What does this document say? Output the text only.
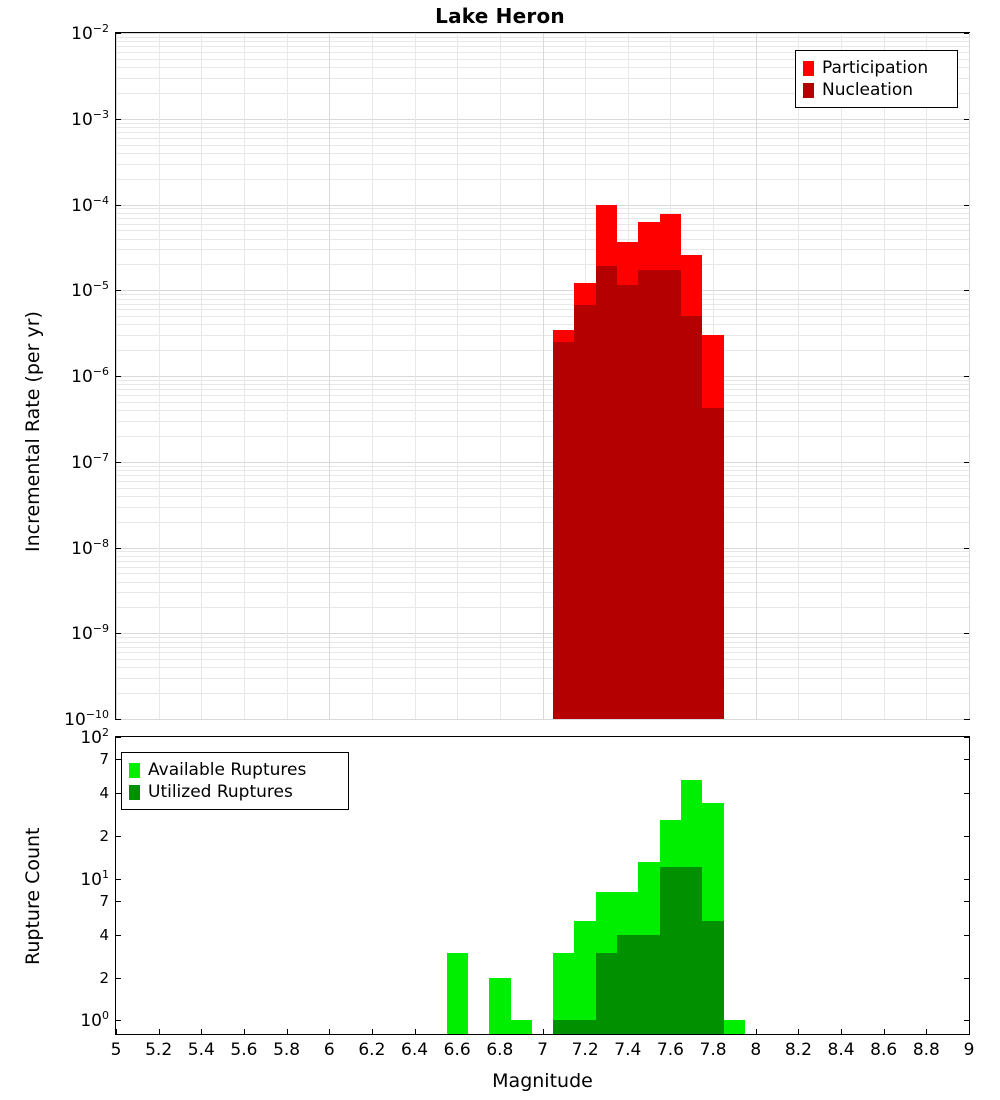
Lake Heron
$10^{-10}$
$10^{-9}$
$10^{-8}$
$10^{-7}$
$10^{-6}$
$10^{-5}$
$10^{-4}$
$10^{-3}$
$10^{-2}$
Incremental Rate (per yr)
Participation
Nucleation
$10^0$
2
4
7
$10^1$
2
4
7
$10^2$
5 5.2 5.4 5.6 5.8 6 6.2 6.4 6.6 6.8 7 7.2 7.4 7.6 7.8 8 8.2 8.4 8.6 8.8 9
Rupture Count
Magnitude
Available Ruptures
Utilized Ruptures
